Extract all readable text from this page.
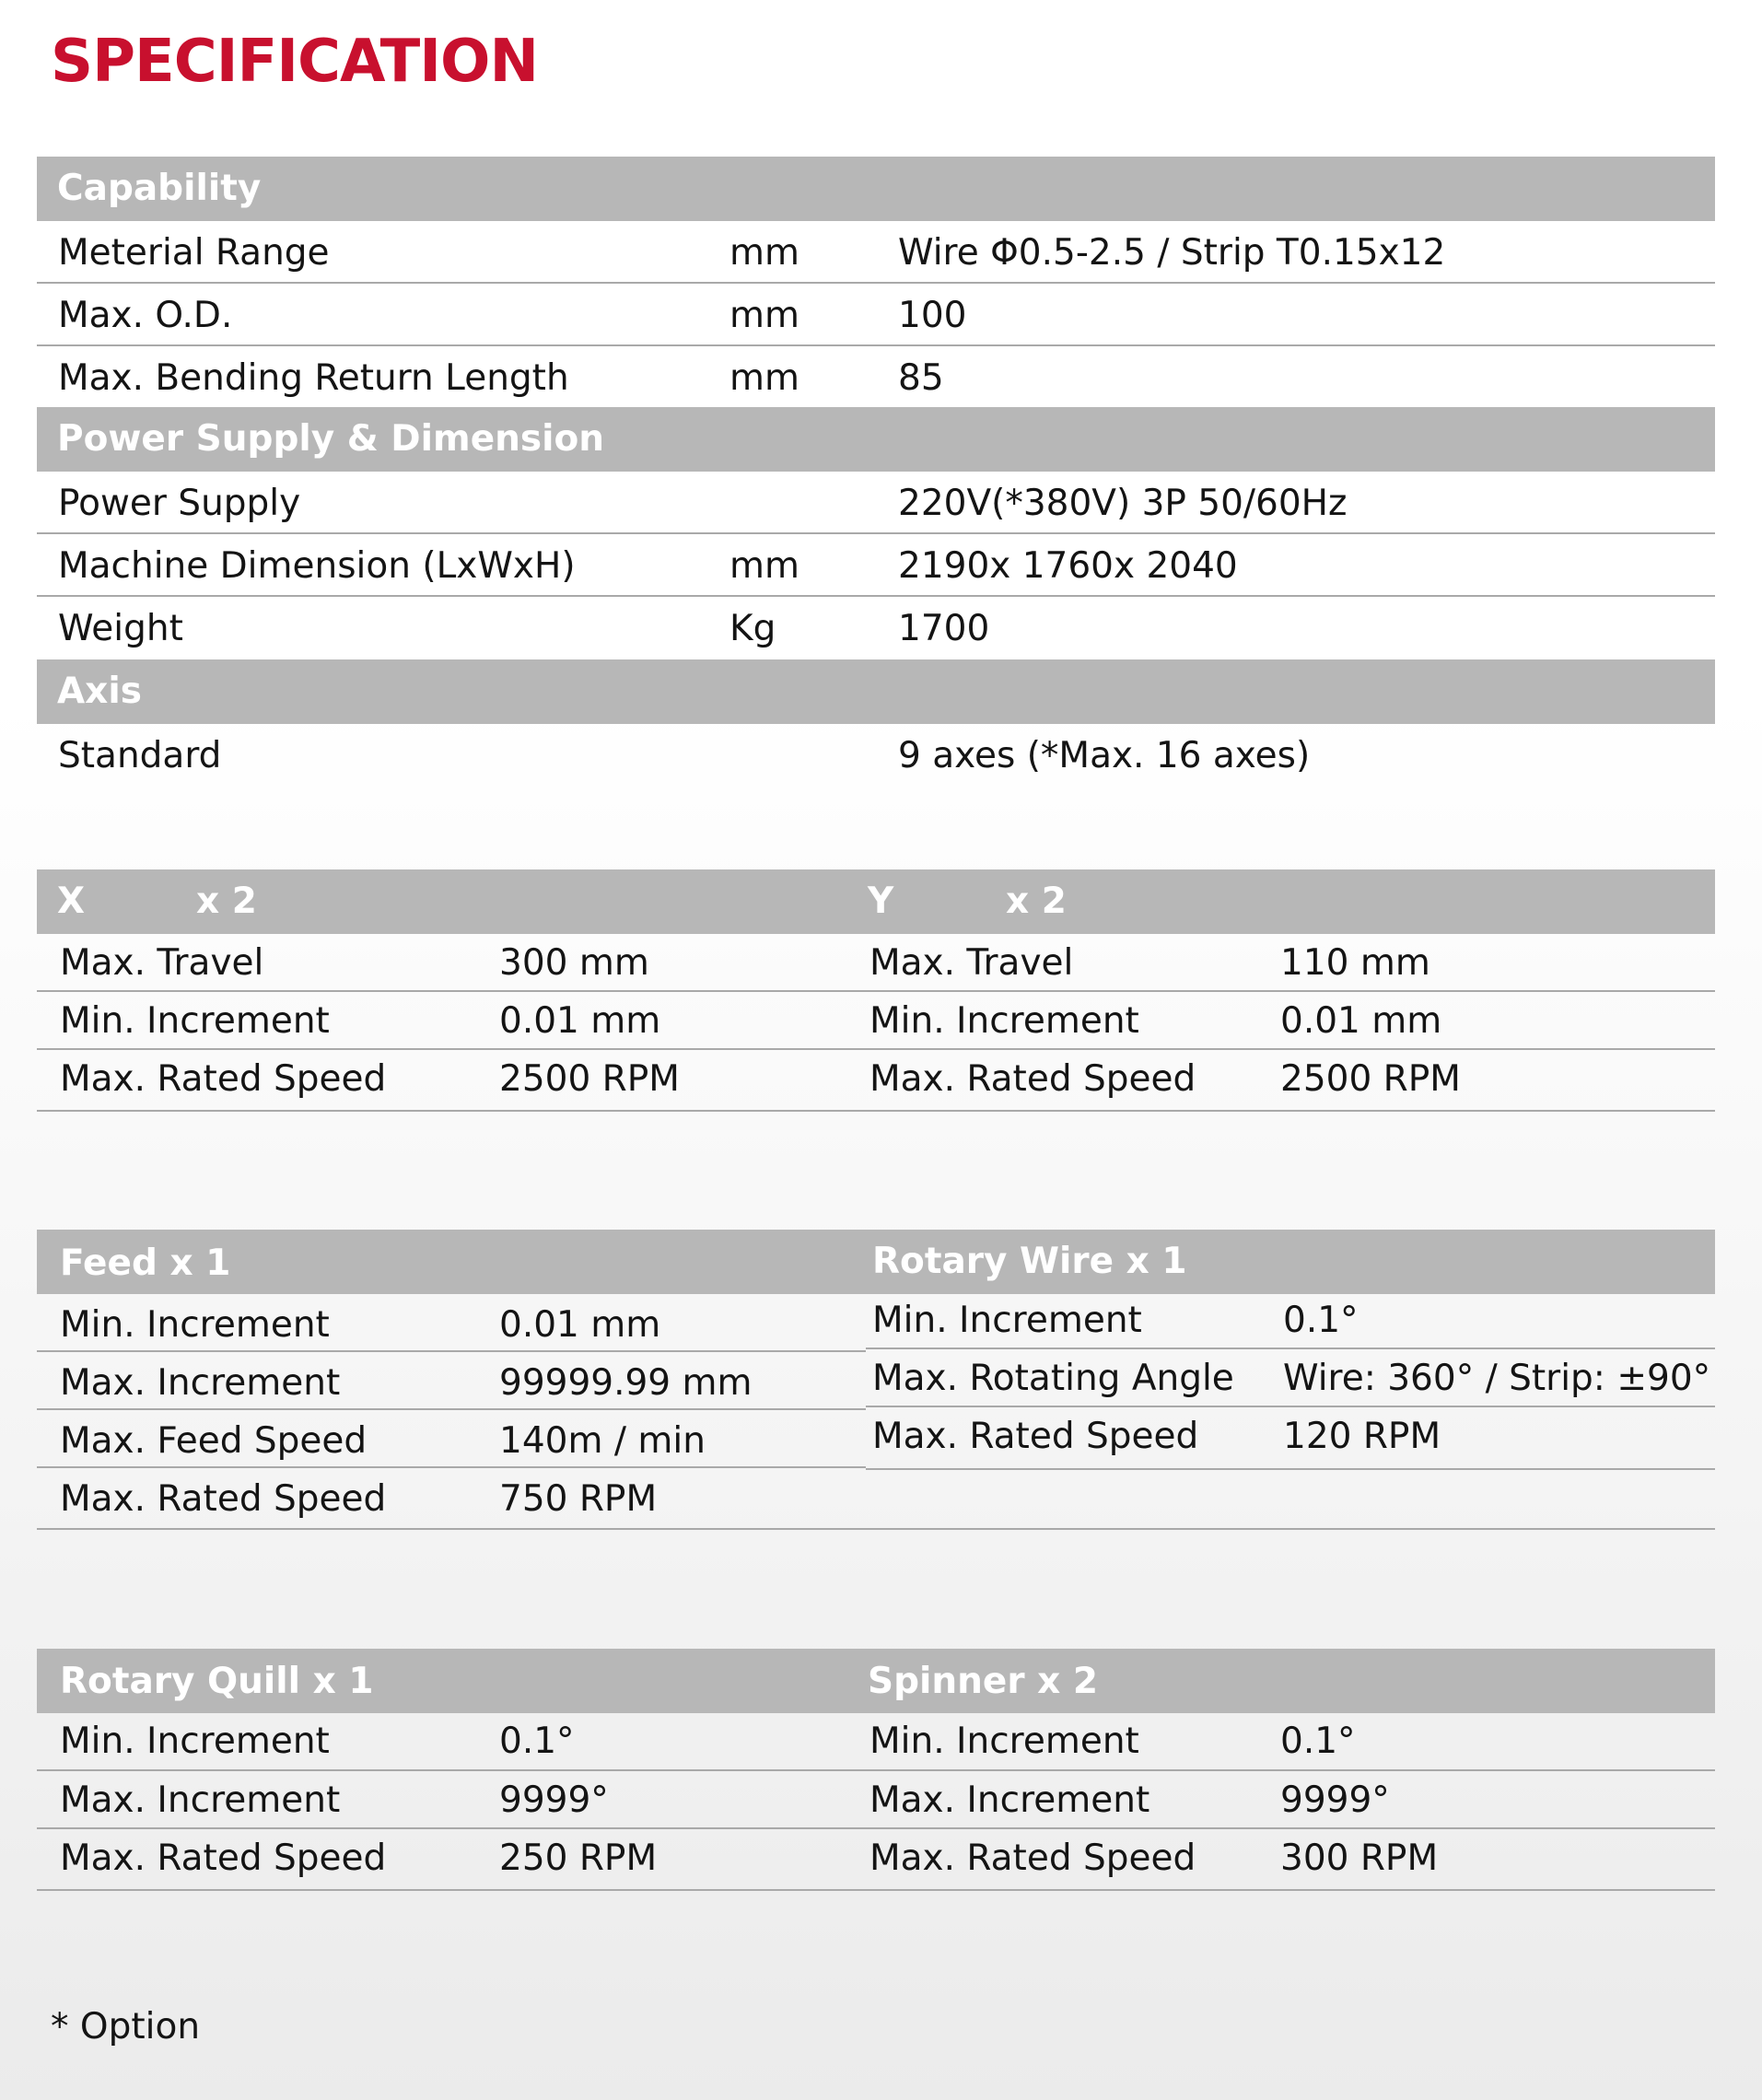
SPECIFICATION
Capability
Meterial Range	mm	Wire Φ0.5-2.5 / Strip T0.15x12
Max. O.D.	mm	100
Max. Bending Return Length	mm	85
Power Supply & Dimension
Power Supply	220V(*380V) 3P 50/60Hz
Machine Dimension (LxWxH)	mm	2190x 1760x 2040
Weight	Kg	1700
Axis
Standard	9 axes (*Max. 16 axes)
X	x 2	Y	x 2
Max. Travel	300 mm	Max. Travel	110 mm
Min. Increment	0.01 mm	Min. Increment	0.01 mm
Max. Rated Speed	2500 RPM	Max. Rated Speed 2500 RPM
Feed x 1	Rotary Wire x 1
Min. Increment	0.01 mm
Max. Increment	99999.99 mm
Max. Feed Speed	140m / min
Max. Rated Speed	750 RPM
Min. Increment	0.1°
Max. Rotating Angle Wire: 360° / Strip: ±90°
Max. Rated Speed 120 RPM
Rotary Quill x 1	Spinner x 2
Min. Increment	0.1°	Min. Increment	0.1°
Max. Increment	9999°	Max. Increment	9999°
Max. Rated Speed	250 RPM	Max. Rated Speed 300 RPM
* Option
